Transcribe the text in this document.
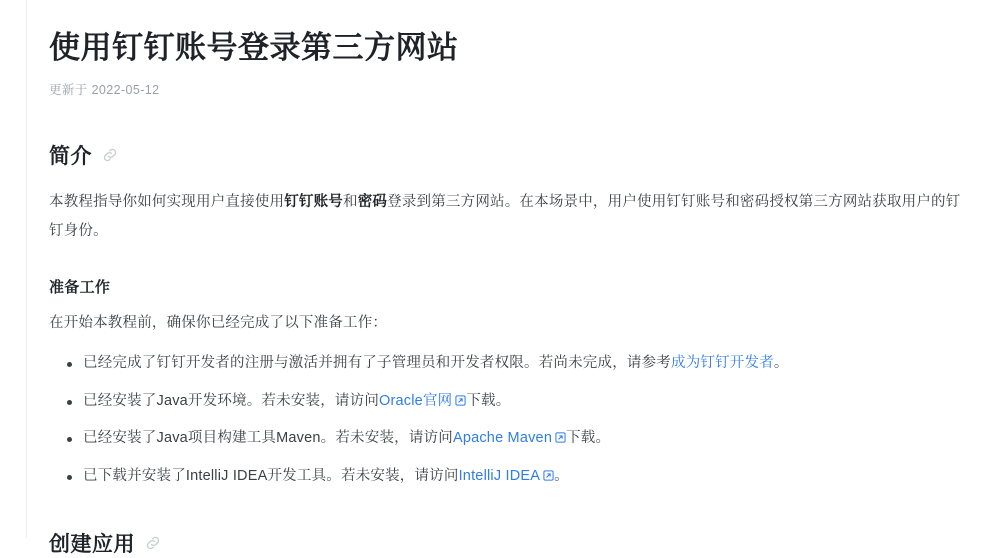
使用钉钉账号登录第三方网站
更新于 2022-05-12
简介

本教程指导你如何实现用户直接使用钉钉账号和密码登录到第三方网站。在本场景中，用户使用钉钉账号和密码授权第三方网站获取用户的钉钉身份。

准备工作

在开始本教程前，确保你已经完成了以下准备工作：

已经完成了钉钉开发者的注册与激活并拥有了子管理员和开发者权限。若尚未完成，请参考成为钉钉开发者。
已经安装了Java开发环境。若未安装，请访问Oracle官网 下载。
已经安装了Java项目构建工具Maven。若未安装，请访问Apache Maven 下载。
已下载并安装了IntelliJ IDEA开发工具。若未安装，请访问IntelliJ IDEA 。
创建应用
